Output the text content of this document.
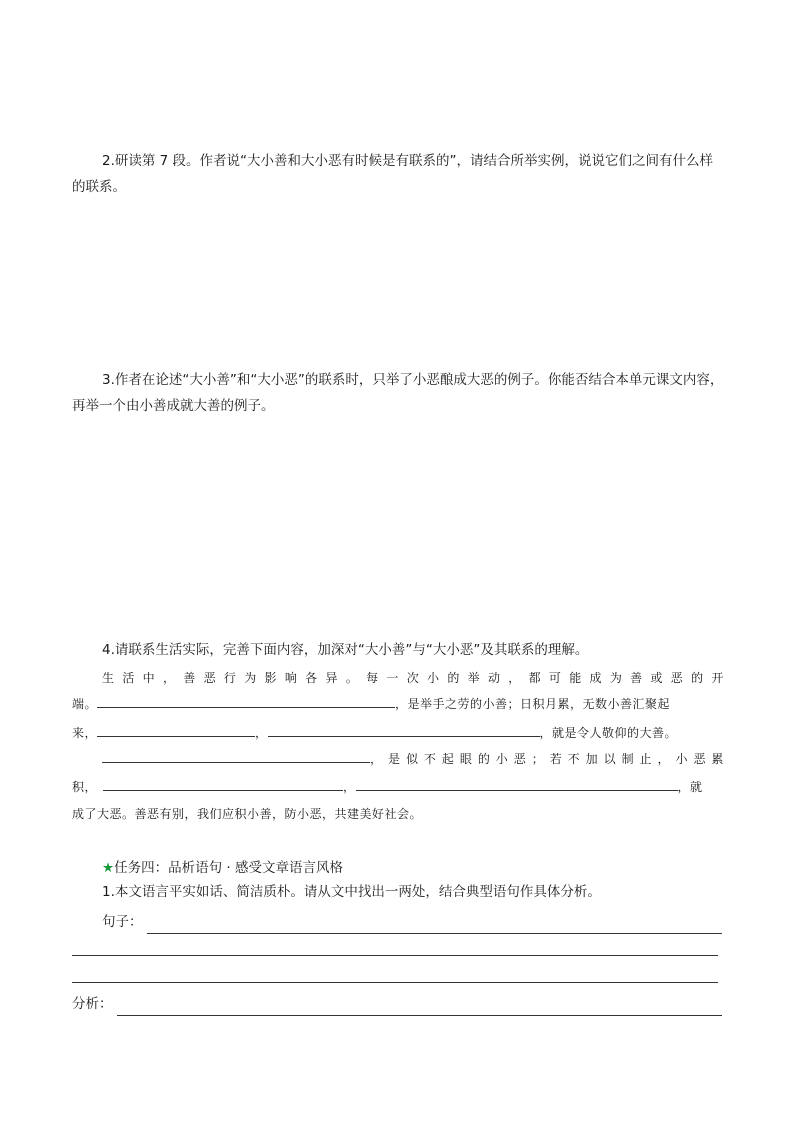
2.研读第 7 段。作者说“大小善和大小恶有时候是有联系的”，请结合所举实例，说说它们之间有什么样的联系。

3.作者在论述“大小善”和“大小恶”的联系时，只举了小恶酿成大恶的例子。你能否结合本单元课文内容，再举一个由小善成就大善的例子。

4.请联系生活实际，完善下面内容，加深对“大小善”与“大小恶”及其联系的理解。

生 活 中 ， 善 恶 行 为 影 响 各 异 。 每 一 次 小 的 举 动 ， 都 可 能 成 为 善 或 恶 的 开
端。	，是举手之劳的小善；日积月累，无数小善汇聚起
来，	，	，就是令人敬仰的大善。
， 是 似 不 起 眼 的 小 恶 ； 若 不 加 以 制 止 ， 小 恶 累
积，	，	，就
成了大恶。善恶有别，我们应积小善，防小恶，共建美好社会。
★任务四：品析语句 · 感受文章语言风格
1.本文语言平实如话、简洁质朴。请从文中找出一两处，结合典型语句作具体分析。
句子：
分析：
